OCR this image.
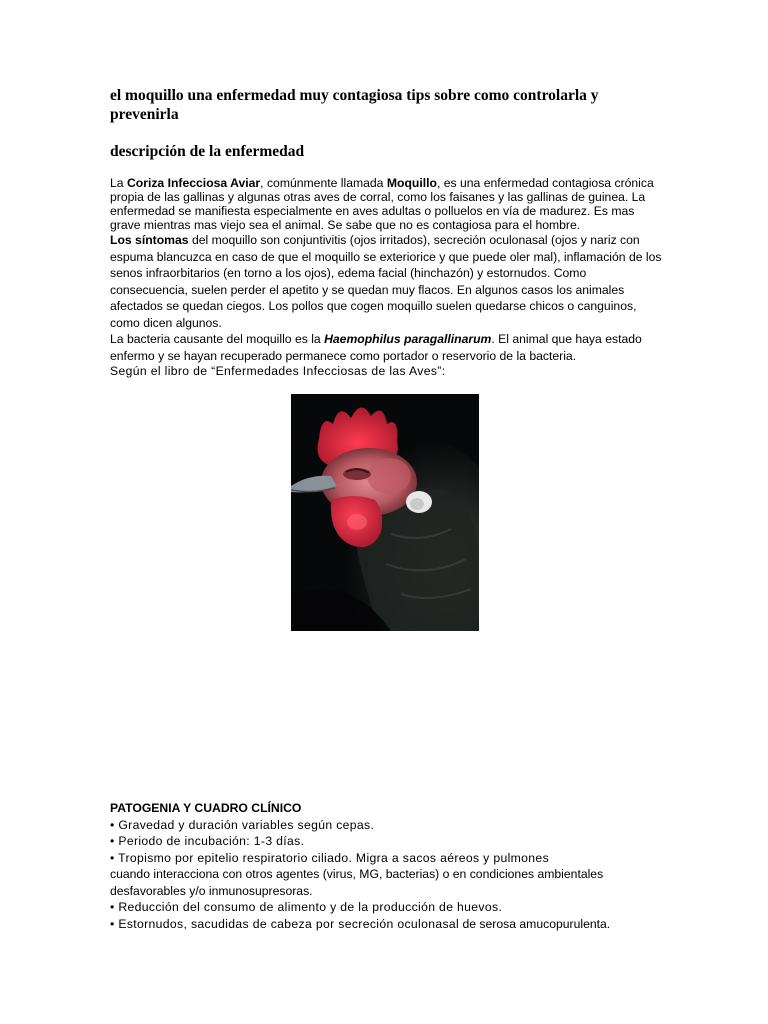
el moquillo una enfermedad muy contagiosa tips sobre como controlarla y prevenirla
descripción de la enfermedad

La Coriza Infecciosa Aviar, comúnmente llamada Moquillo, es una enfermedad contagiosa crónica propia de las gallinas y algunas otras aves de corral, como los faisanes y las gallinas de guinea. La enfermedad se manifiesta especialmente en aves adultas o polluelos en vía de madurez. Es mas grave mientras mas viejo sea el animal. Se sabe que no es contagiosa para el hombre.

Los síntomas del moquillo son conjuntivitis (ojos irritados), secreción oculonasal (ojos y nariz con espuma blancuzca en caso de que el moquillo se exteriorice y que puede oler mal), inflamación de los senos infraorbitarios (en torno a los ojos), edema facial (hinchazón) y estornudos. Como consecuencia, suelen perder el apetito y se quedan muy flacos. En algunos casos los animales afectados se quedan ciegos. Los pollos que cogen moquillo suelen quedarse chicos o canguinos, como dicen algunos.

La bacteria causante del moquillo es la Haemophilus paragallinarum. El animal que haya estado enfermo y se hayan recuperado permanece como portador o reservorio de la bacteria.

Según el libro de “Enfermedades Infecciosas de las Aves”:

PATOGENIA Y CUADRO CLÍNICO

• Gravedad y duración variables según cepas.

• Periodo de incubación: 1-3 días.

• Tropismo por epitelio respiratorio ciliado. Migra a sacos aéreos y pulmones

cuando interacciona con otros agentes (virus, MG, bacterias) o en condiciones ambientales desfavorables y/o inmunosupresoras.

• Reducción del consumo de alimento y de la producción de huevos.

• Estornudos, sacudidas de cabeza por secreción oculonasal de serosa amucopurulenta.
